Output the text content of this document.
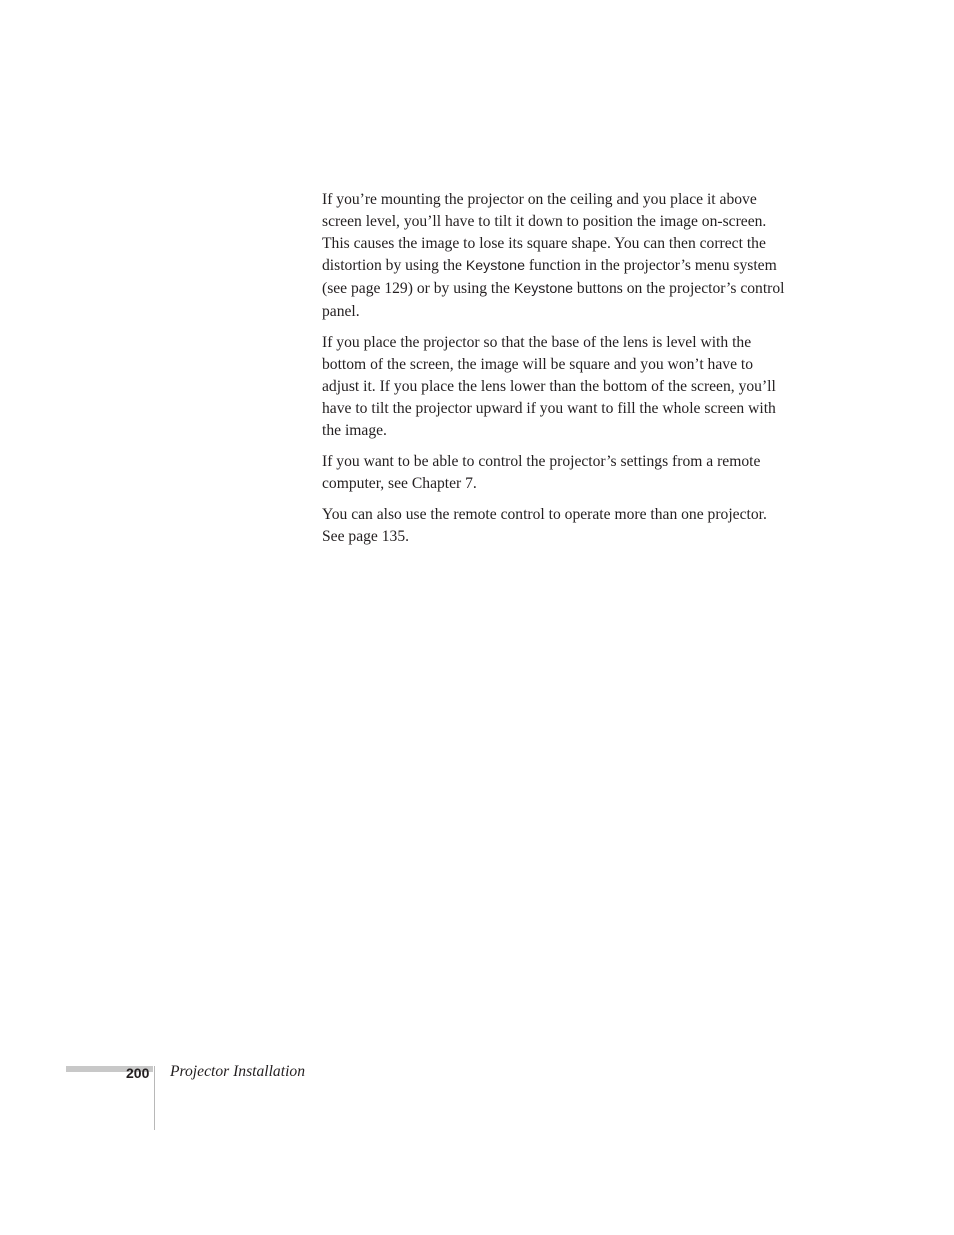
If you’re mounting the projector on the ceiling and you place it above screen level, you’ll have to tilt it down to position the image on-screen. This causes the image to lose its square shape. You can then correct the distortion by using the Keystone function in the projector’s menu system (see page 129) or by using the Keystone buttons on the projector’s control panel.

If you place the projector so that the base of the lens is level with the bottom of the screen, the image will be square and you won’t have to adjust it. If you place the lens lower than the bottom of the screen, you’ll have to tilt the projector upward if you want to fill the whole screen with the image.

If you want to be able to control the projector’s settings from a remote computer, see Chapter 7.

You can also use the remote control to operate more than one projector. See page 135.

200 Projector Installation
